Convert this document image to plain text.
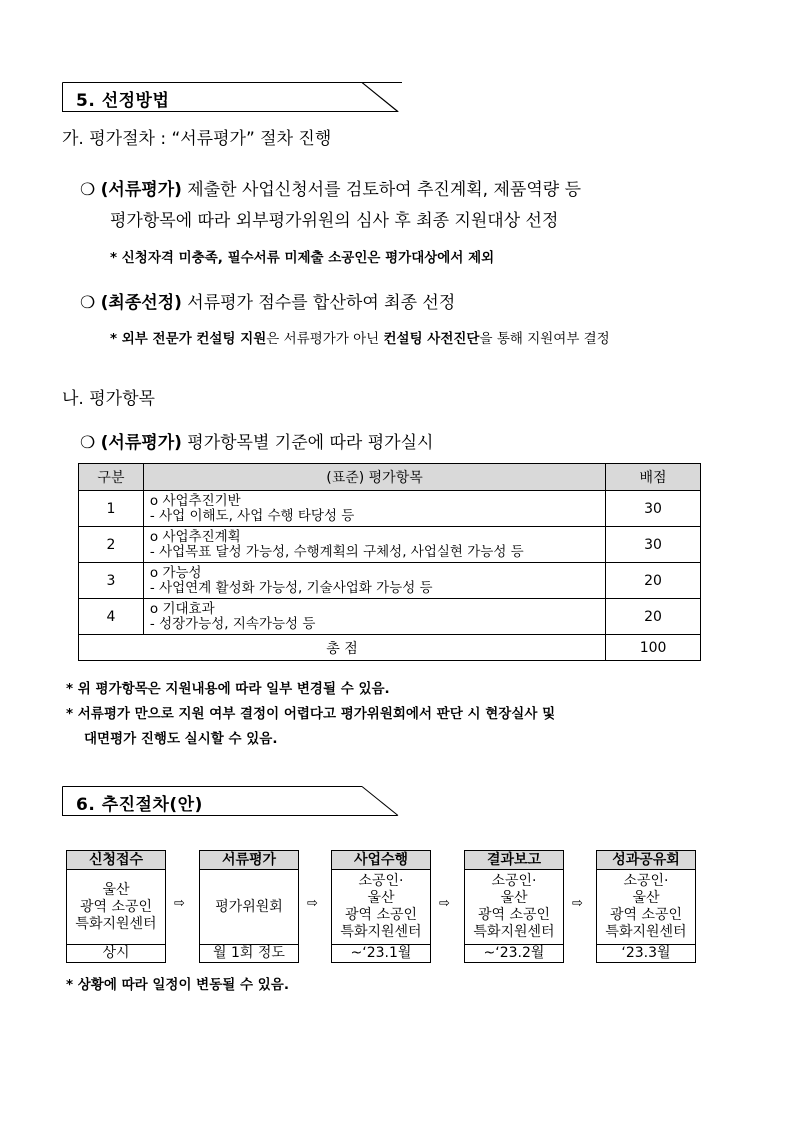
5. 선정방법
가. 평가절차 : “서류평가” 절차 진행
❍ (서류평가) 제출한 사업신청서를 검토하여 추진계획, 제품역량 등
평가항목에 따라 외부평가위원의 심사 후 최종 지원대상 선정
* 신청자격 미충족, 필수서류 미제출 소공인은 평가대상에서 제외
❍ (최종선정) 서류평가 점수를 합산하여 최종 선정
* 외부 전문가 컨설팅 지원은 서류평가가 아닌 컨설팅 사전진단을 통해 지원여부 결정
나. 평가항목
❍ (서류평가) 평가항목별 기준에 따라 평가실시
구분	(표준) 평가항목	배점
1	o 사업추진기반
- 사업 이해도, 사업 수행 타당성 등	30
2	o 사업추진계획
- 사업목표 달성 가능성, 수행계획의 구체성, 사업실현 가능성 등	30
3	o 가능성
- 사업연계 활성화 가능성, 기술사업화 가능성 등	20
4	o 기대효과
- 성장가능성, 지속가능성 등	20
총 점		100
* 위 평가항목은 지원내용에 따라 일부 변경될 수 있음.
* 서류평가 만으로 지원 여부 결정이 어렵다고 평가위원회에서 판단 시 현장실사 및
대면평가 진행도 실시할 수 있음.
6. 추진절차(안)
신청접수
울산
광역 소공인
특화지원센터
상시
⇨
서류평가
평가위원회
월 1회 정도
⇨
사업수행
소공인·
울산
광역 소공인
특화지원센터
~‘23.1월
⇨
결과보고
소공인·
울산
광역 소공인
특화지원센터
~‘23.2월
⇨
성과공유회
소공인·
울산
광역 소공인
특화지원센터
‘23.3월
* 상황에 따라 일정이 변동될 수 있음.
